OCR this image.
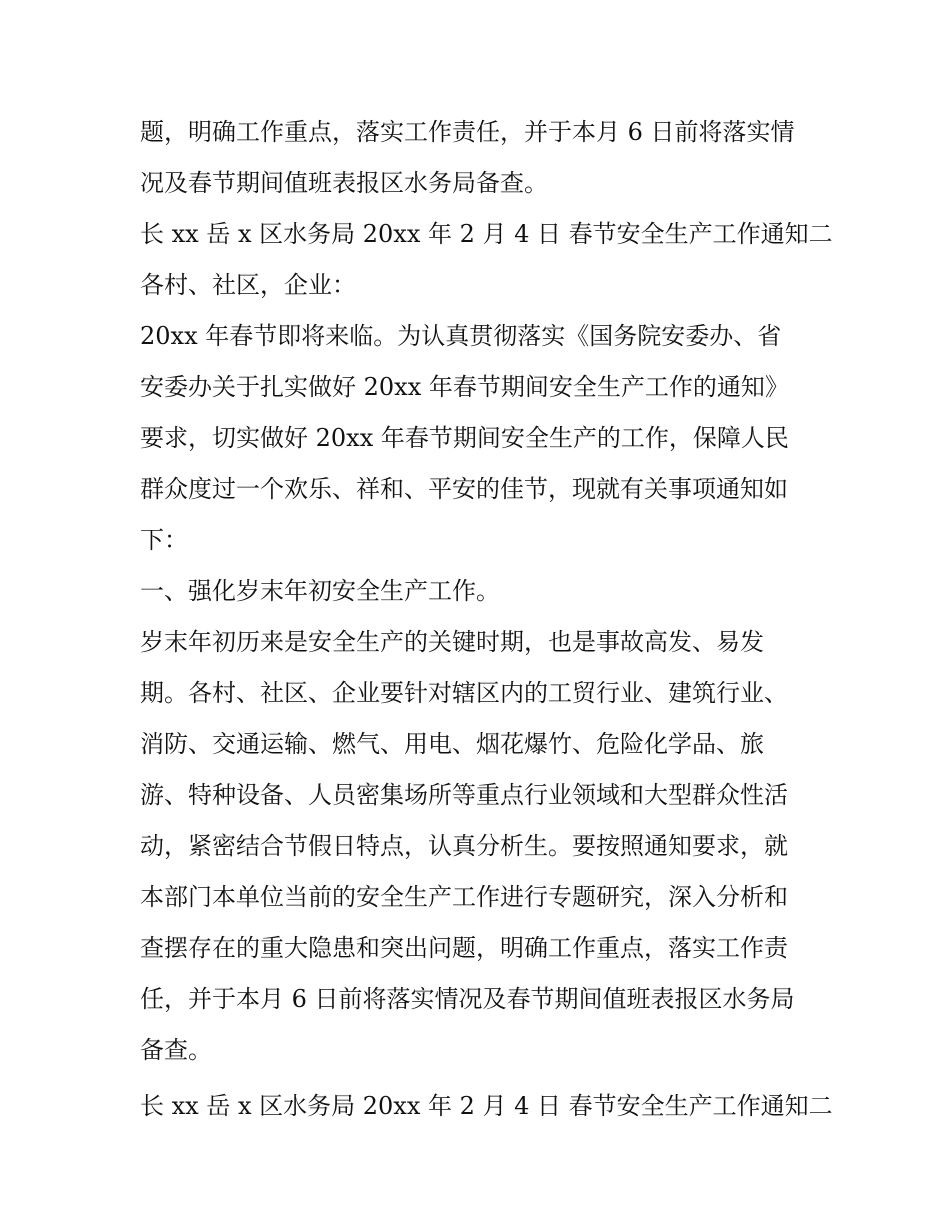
题，明确工作重点，落实工作责任，并于本月 6 日前将落实情
况及春节期间值班表报区水务局备查。
长 xx 岳 x 区水务局 20xx 年 2 月 4 日 春节安全生产工作通知二
各村、社区，企业：
20xx 年春节即将来临。为认真贯彻落实《国务院安委办、省
安委办关于扎实做好 20xx 年春节期间安全生产工作的通知》
要求，切实做好 20xx 年春节期间安全生产的工作，保障人民
群众度过一个欢乐、祥和、平安的佳节，现就有关事项通知如
下：
一、强化岁末年初安全生产工作。
岁末年初历来是安全生产的关键时期，也是事故高发、易发
期。各村、社区、企业要针对辖区内的工贸行业、建筑行业、
消防、交通运输、燃气、用电、烟花爆竹、危险化学品、旅
游、特种设备、人员密集场所等重点行业领域和大型群众性活
动，紧密结合节假日特点，认真分析生。要按照通知要求，就
本部门本单位当前的安全生产工作进行专题研究，深入分析和
查摆存在的重大隐患和突出问题，明确工作重点，落实工作责
任，并于本月 6 日前将落实情况及春节期间值班表报区水务局
备查。
长 xx 岳 x 区水务局 20xx 年 2 月 4 日 春节安全生产工作通知二
